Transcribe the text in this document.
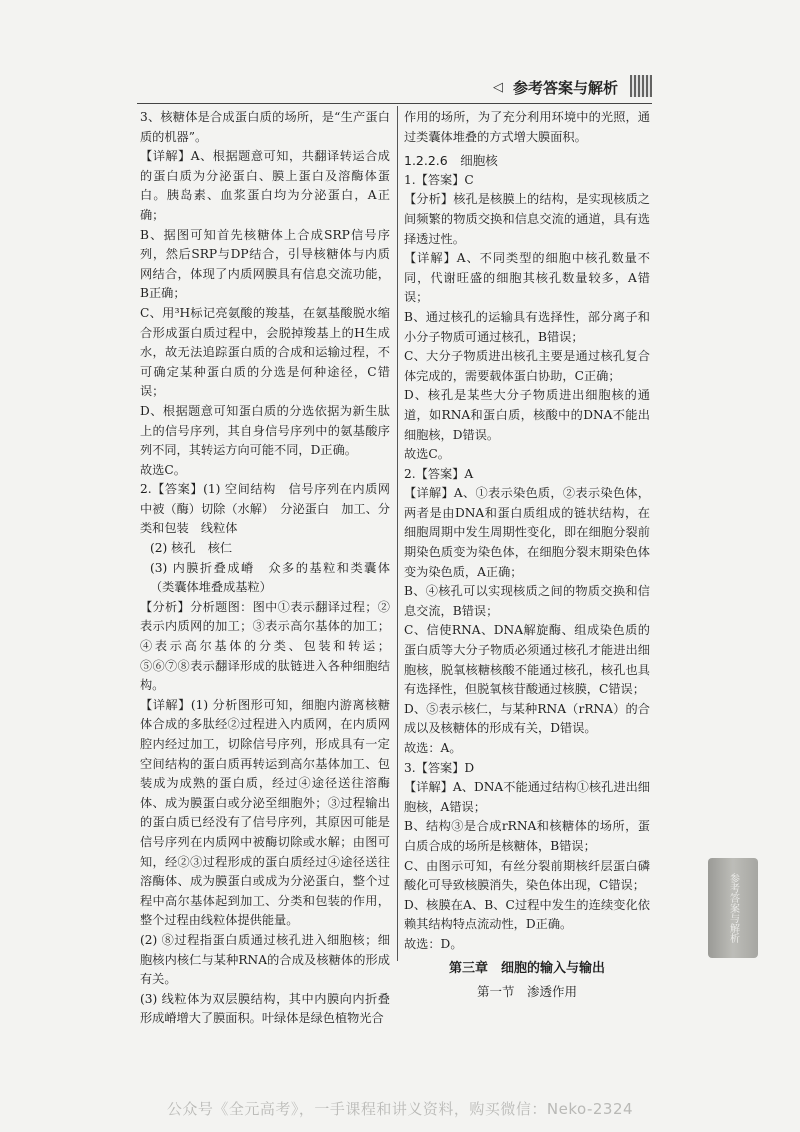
◁ 参考答案与解析

3、核糖体是合成蛋白质的场所，是“生产蛋白质的机器”。

【详解】A、根据题意可知，共翻译转运合成的蛋白质为分泌蛋白、膜上蛋白及溶酶体蛋白。胰岛素、血浆蛋白均为分泌蛋白，A正确；

B、据图可知首先核糖体上合成SRP信号序列，然后SRP与DP结合，引导核糖体与内质网结合，体现了内质网膜具有信息交流功能，B正确；

C、用³H标记亮氨酸的羧基，在氨基酸脱水缩合形成蛋白质过程中，会脱掉羧基上的H生成水，故无法追踪蛋白质的合成和运输过程，不可确定某种蛋白质的分选是何种途径，C错误；

D、根据题意可知蛋白质的分选依据为新生肽上的信号序列，其自身信号序列中的氨基酸序列不同，其转运方向可能不同，D正确。

故选C。

2.【答案】(1) 空间结构　信号序列在内质网中被（酶）切除（水解）　分泌蛋白　加工、分类和包装　线粒体

(2) 核孔　核仁

(3) 内膜折叠成嵴　众多的基粒和类囊体（类囊体堆叠成基粒）

【分析】分析题图：图中①表示翻译过程；②表示内质网的加工；③表示高尔基体的加工；④表示高尔基体的分类、包装和转运；⑤⑥⑦⑧表示翻译形成的肽链进入各种细胞结构。

【详解】(1) 分析图形可知，细胞内游离核糖体合成的多肽经②过程进入内质网，在内质网腔内经过加工，切除信号序列，形成具有一定空间结构的蛋白质再转运到高尔基体加工、包装成为成熟的蛋白质，经过④途径送往溶酶体、成为膜蛋白或分泌至细胞外；③过程输出的蛋白质已经没有了信号序列，其原因可能是信号序列在内质网中被酶切除或水解；由图可知，经②③过程形成的蛋白质经过④途径送往溶酶体、成为膜蛋白或成为分泌蛋白，整个过程中高尔基体起到加工、分类和包装的作用，整个过程由线粒体提供能量。

(2) ⑧过程指蛋白质通过核孔进入细胞核；细胞核内核仁与某种RNA的合成及核糖体的形成有关。

(3) 线粒体为双层膜结构，其中内膜向内折叠形成嵴增大了膜面积。叶绿体是绿色植物光合

作用的场所，为了充分利用环境中的光照，通过类囊体堆叠的方式增大膜面积。

1.2.2.6　细胞核

1.【答案】C

【分析】核孔是核膜上的结构，是实现核质之间频繁的物质交换和信息交流的通道，具有选择透过性。

【详解】A、不同类型的细胞中核孔数量不同，代谢旺盛的细胞其核孔数量较多，A错误；

B、通过核孔的运输具有选择性，部分离子和小分子物质可通过核孔，B错误；

C、大分子物质进出核孔主要是通过核孔复合体完成的，需要载体蛋白协助，C正确；

D、核孔是某些大分子物质进出细胞核的通道，如RNA和蛋白质，核酸中的DNA不能出细胞核，D错误。

故选C。

2.【答案】A

【详解】A、①表示染色质，②表示染色体，两者是由DNA和蛋白质组成的链状结构，在细胞周期中发生周期性变化，即在细胞分裂前期染色质变为染色体，在细胞分裂末期染色体变为染色质，A正确；

B、④核孔可以实现核质之间的物质交换和信息交流，B错误；

C、信使RNA、DNA解旋酶、组成染色质的蛋白质等大分子物质必须通过核孔才能进出细胞核，脱氧核糖核酸不能通过核孔，核孔也具有选择性，但脱氧核苷酸通过核膜，C错误；

D、⑤表示核仁，与某种RNA（rRNA）的合成以及核糖体的形成有关，D错误。

故选：A。

3.【答案】D

【详解】A、DNA不能通过结构①核孔进出细胞核，A错误；

B、结构③是合成rRNA和核糖体的场所，蛋白质合成的场所是核糖体，B错误；

C、由图示可知，有丝分裂前期核纤层蛋白磷酸化可导致核膜消失，染色体出现，C错误；

D、核膜在A、B、C过程中发生的连续变化依赖其结构特点流动性，D正确。

故选：D。

第三章　细胞的输入与输出

第一节　渗透作用

参考答案与解析
公众号《全元高考》，一手课程和讲义资料，购买微信：Neko-2324
